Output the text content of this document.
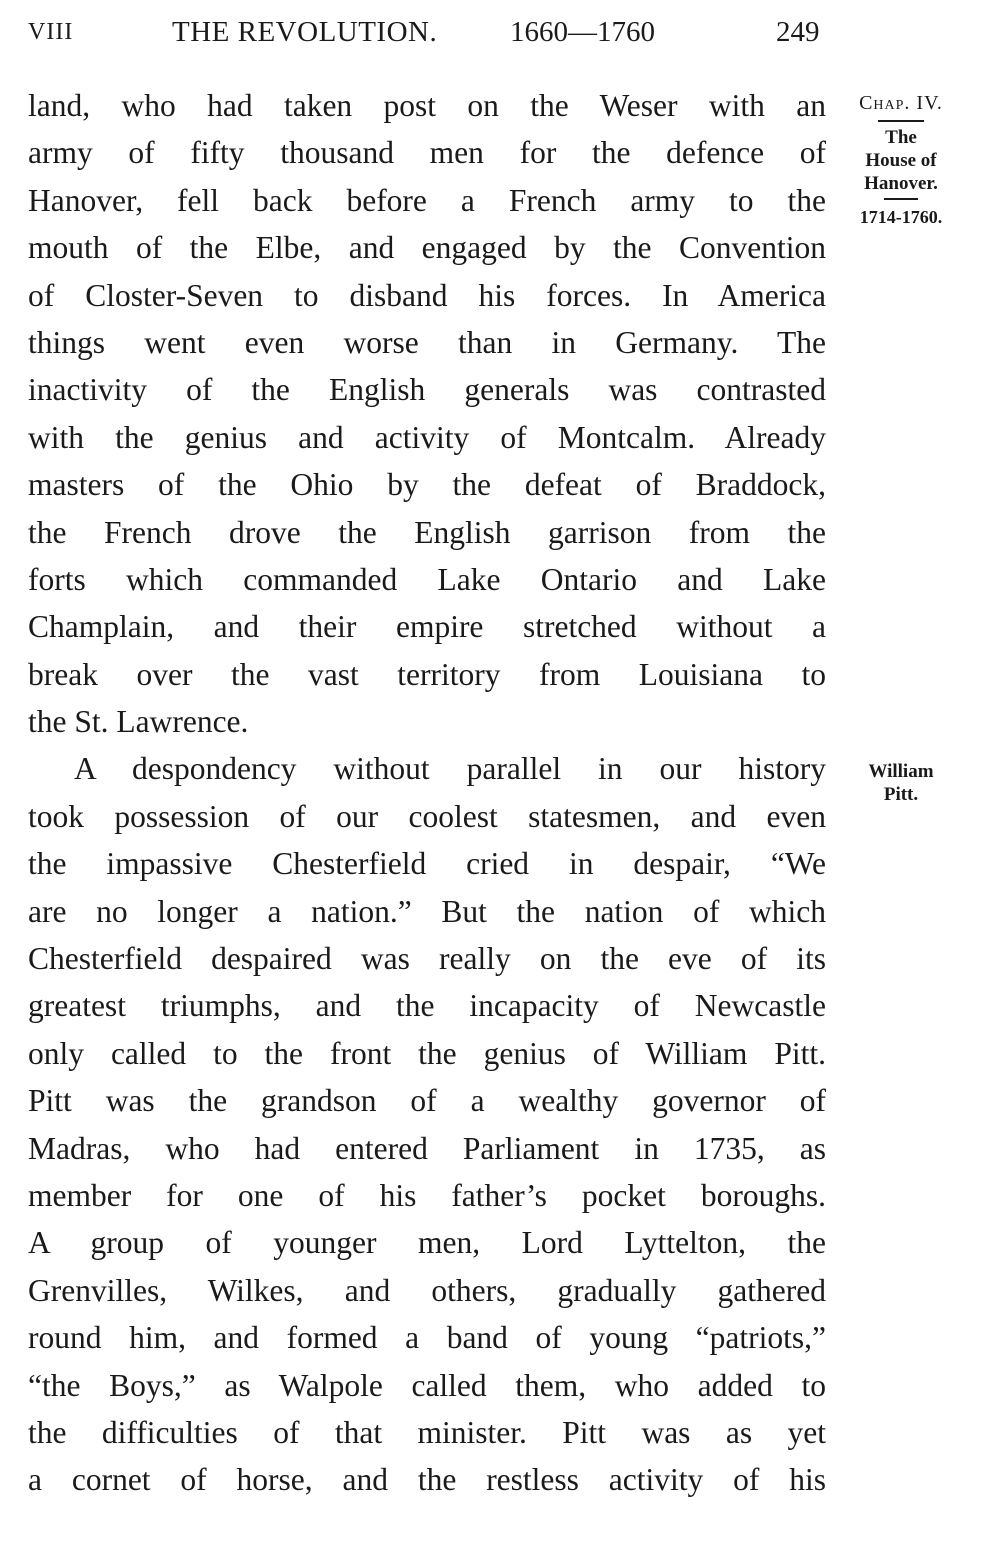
VIII	THE REVOLUTION.	1660—1760	249
land, who had taken post on the Weser with an
army of fifty thousand men for the defence of
Hanover, fell back before a French army to the
mouth of the Elbe, and engaged by the Convention
of Closter-Seven to disband his forces. In America
things went even worse than in Germany. The
inactivity of the English generals was contrasted
with the genius and activity of Montcalm. Already
masters of the Ohio by the defeat of Braddock,
the French drove the English garrison from the
forts which commanded Lake Ontario and Lake
Champlain, and their empire stretched without a
break over the vast territory from Louisiana to
the St. Lawrence.
A despondency without parallel in our history
took possession of our coolest statesmen, and even
the impassive Chesterfield cried in despair, “We
are no longer a nation.” But the nation of which
Chesterfield despaired was really on the eve of its
greatest triumphs, and the incapacity of Newcastle
only called to the front the genius of William Pitt.
Pitt was the grandson of a wealthy governor of
Madras, who had entered Parliament in 1735, as
member for one of his father’s pocket boroughs.
A group of younger men, Lord Lyttelton, the
Grenvilles, Wilkes, and others, gradually gathered
round him, and formed a band of young “patriots,”
“the Boys,” as Walpole called them, who added to
the difficulties of that minister. Pitt was as yet
a cornet of horse, and the restless activity of his
Chap. IV.
The
House of
Hanover.
1714-1760.
William
Pitt.
